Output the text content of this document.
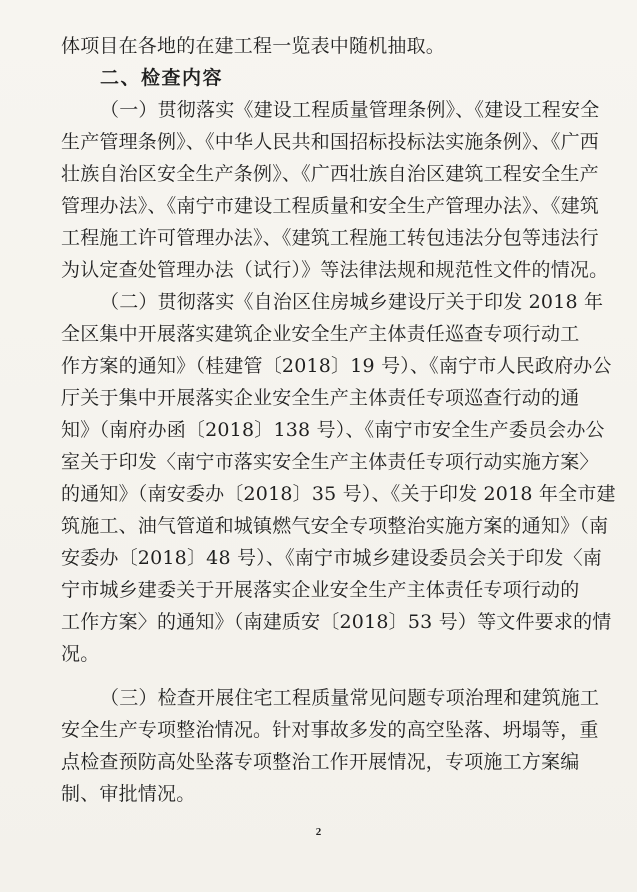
体项目在各地的在建工程一览表中随机抽取。
二、检查内容
（一）贯彻落实《建设工程质量管理条例》、《建设工程安全
生产管理条例》、《中华人民共和国招标投标法实施条例》、《广西
壮族自治区安全生产条例》、《广西壮族自治区建筑工程安全生产
管理办法》、《南宁市建设工程质量和安全生产管理办法》、《建筑
工程施工许可管理办法》、《建筑工程施工转包违法分包等违法行
为认定查处管理办法（试行）》等法律法规和规范性文件的情况。
（二）贯彻落实《自治区住房城乡建设厅关于印发 2018 年
全区集中开展落实建筑企业安全生产主体责任巡查专项行动工
作方案的通知》（桂建管〔2018〕19 号）、《南宁市人民政府办公
厅关于集中开展落实企业安全生产主体责任专项巡查行动的通
知》（南府办函〔2018〕138 号）、《南宁市安全生产委员会办公
室关于印发〈南宁市落实安全生产主体责任专项行动实施方案〉
的通知》（南安委办〔2018〕35 号）、《关于印发 2018 年全市建
筑施工、油气管道和城镇燃气安全专项整治实施方案的通知》（南
安委办〔2018〕48 号）、《南宁市城乡建设委员会关于印发〈南
宁市城乡建委关于开展落实企业安全生产主体责任专项行动的
工作方案〉的通知》（南建质安〔2018〕53 号）等文件要求的情
况。
（三）检查开展住宅工程质量常见问题专项治理和建筑施工
安全生产专项整治情况。针对事故多发的高空坠落、坍塌等，重
点检查预防高处坠落专项整治工作开展情况，专项施工方案编
制、审批情况。
2
